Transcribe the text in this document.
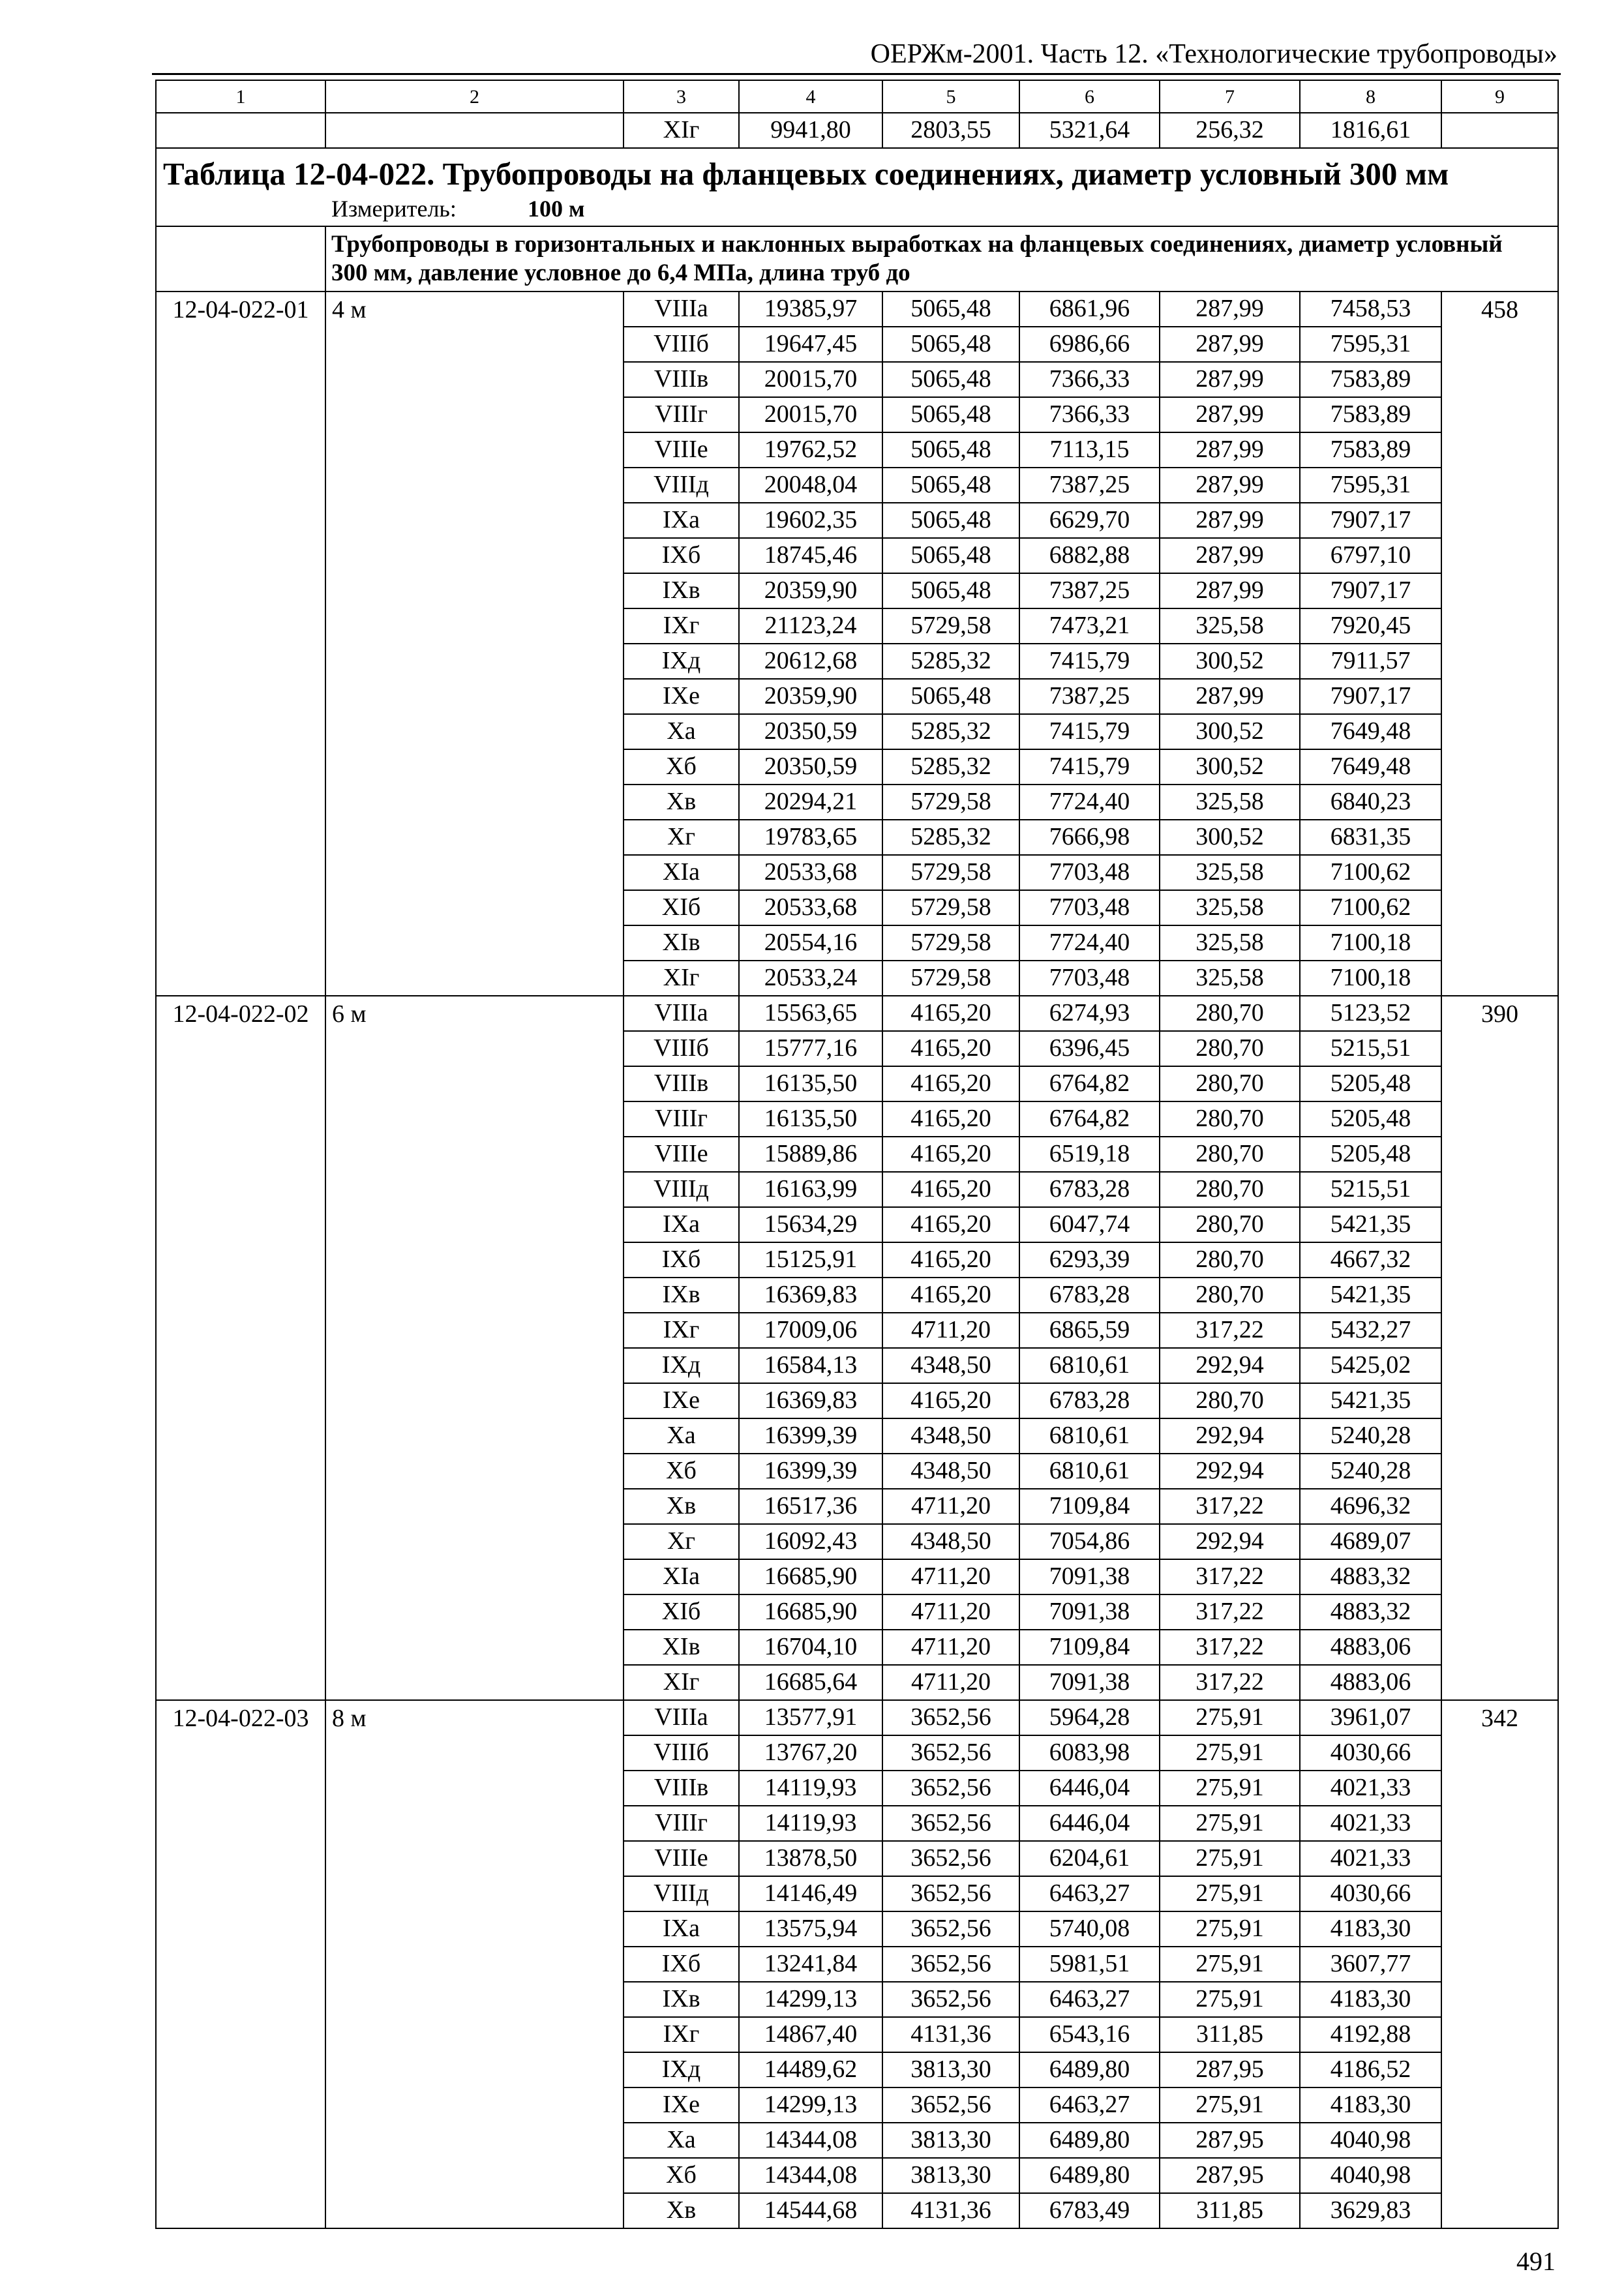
ОЕРЖм-2001. Часть 12. «Технологические трубопроводы»
1	2	3	4	5	6	7	8	9
		XIг	9941,80	2803,55	5321,64	256,32	1816,61	

Таблица 12-04-022. Трубопроводы на фланцевых соединениях, диаметр условный 300 мм
Измеритель: 100 м								

	Трубопроводы в горизонтальных и наклонных выработках на фланцевых соединениях, диаметр условный
300 мм, давление условное до 6,4 МПа, длина труб до							

12-04-022-01	4 м	VIIIа	19385,97	5065,48	6861,96	287,99	7458,53	458
		VIIIб	19647,45	5065,48	6986,66	287,99	7595,31	
		VIIIв	20015,70	5065,48	7366,33	287,99	7583,89	
		VIIIг	20015,70	5065,48	7366,33	287,99	7583,89	
		VIIIе	19762,52	5065,48	7113,15	287,99	7583,89	
		VIIIд	20048,04	5065,48	7387,25	287,99	7595,31	
		IXа	19602,35	5065,48	6629,70	287,99	7907,17	
		IXб	18745,46	5065,48	6882,88	287,99	6797,10	
		IXв	20359,90	5065,48	7387,25	287,99	7907,17	
		IXг	21123,24	5729,58	7473,21	325,58	7920,45	
		IXд	20612,68	5285,32	7415,79	300,52	7911,57	
		IXе	20359,90	5065,48	7387,25	287,99	7907,17	
		Xа	20350,59	5285,32	7415,79	300,52	7649,48	
		Xб	20350,59	5285,32	7415,79	300,52	7649,48	
		Xв	20294,21	5729,58	7724,40	325,58	6840,23	
		Xг	19783,65	5285,32	7666,98	300,52	6831,35	
		XIа	20533,68	5729,58	7703,48	325,58	7100,62	
		XIб	20533,68	5729,58	7703,48	325,58	7100,62	
		XIв	20554,16	5729,58	7724,40	325,58	7100,18	
		XIг	20533,24	5729,58	7703,48	325,58	7100,18	
12-04-022-02	6 м	VIIIа	15563,65	4165,20	6274,93	280,70	5123,52	390
		VIIIб	15777,16	4165,20	6396,45	280,70	5215,51	
		VIIIв	16135,50	4165,20	6764,82	280,70	5205,48	
		VIIIг	16135,50	4165,20	6764,82	280,70	5205,48	
		VIIIе	15889,86	4165,20	6519,18	280,70	5205,48	
		VIIIд	16163,99	4165,20	6783,28	280,70	5215,51	
		IXа	15634,29	4165,20	6047,74	280,70	5421,35	
		IXб	15125,91	4165,20	6293,39	280,70	4667,32	
		IXв	16369,83	4165,20	6783,28	280,70	5421,35	
		IXг	17009,06	4711,20	6865,59	317,22	5432,27	
		IXд	16584,13	4348,50	6810,61	292,94	5425,02	
		IXе	16369,83	4165,20	6783,28	280,70	5421,35	
		Xа	16399,39	4348,50	6810,61	292,94	5240,28	
		Xб	16399,39	4348,50	6810,61	292,94	5240,28	
		Xв	16517,36	4711,20	7109,84	317,22	4696,32	
		Xг	16092,43	4348,50	7054,86	292,94	4689,07	
		XIа	16685,90	4711,20	7091,38	317,22	4883,32	
		XIб	16685,90	4711,20	7091,38	317,22	4883,32	
		XIв	16704,10	4711,20	7109,84	317,22	4883,06	
		XIг	16685,64	4711,20	7091,38	317,22	4883,06	
12-04-022-03	8 м	VIIIа	13577,91	3652,56	5964,28	275,91	3961,07	342
		VIIIб	13767,20	3652,56	6083,98	275,91	4030,66	
		VIIIв	14119,93	3652,56	6446,04	275,91	4021,33	
		VIIIг	14119,93	3652,56	6446,04	275,91	4021,33	
		VIIIе	13878,50	3652,56	6204,61	275,91	4021,33	
		VIIIд	14146,49	3652,56	6463,27	275,91	4030,66	
		IXа	13575,94	3652,56	5740,08	275,91	4183,30	
		IXб	13241,84	3652,56	5981,51	275,91	3607,77	
		IXв	14299,13	3652,56	6463,27	275,91	4183,30	
		IXг	14867,40	4131,36	6543,16	311,85	4192,88	
		IXд	14489,62	3813,30	6489,80	287,95	4186,52	
		IXе	14299,13	3652,56	6463,27	275,91	4183,30	
		Xа	14344,08	3813,30	6489,80	287,95	4040,98	
		Xб	14344,08	3813,30	6489,80	287,95	4040,98	
		Xв	14544,68	4131,36	6783,49	311,85	3629,83	
491
